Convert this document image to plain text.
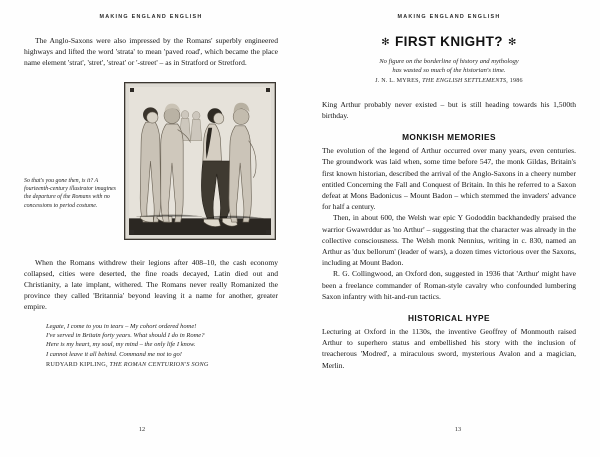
MAKING ENGLAND ENGLISH

The Anglo-Saxons were also impressed by the Romans' superbly engineered highways and lifted the word 'strata' to mean 'paved road', which became the place name element 'strat', 'stret', 'streat' or '-street' – as in Stratford or Stretford.

So that's you gone then, is it? A fourteenth-century illustrator imagines the departure of the Romans with no concessions to period costume.

When the Romans withdrew their legions after 408–10, the cash economy collapsed, cities were deserted, the fine roads decayed, Latin died out and Christianity, a late implant, withered. The Romans never really Romanized the province they called 'Britannia' beyond leaving it a name for another, greater empire.

Legate, I come to you in tears – My cohort ordered home!
I've served in Britain forty years. What should I do in Rome?
Here is my heart, my soul, my mind – the only life I know.
I cannot leave it all behind. Command me not to go!
RUDYARD KIPLING, THE ROMAN CENTURION'S SONG
12
MAKING ENGLAND ENGLISH
✻ FIRST KNIGHT? ✻
No figure on the borderline of history and mythology
has wasted so much of the historian's time.
J. N. L. MYRES, THE ENGLISH SETTLEMENTS, 1986

King Arthur probably never existed – but is still heading towards his 1,500th birthday.

MONKISH MEMORIES

The evolution of the legend of Arthur occurred over many years, even centuries. The groundwork was laid when, some time before 547, the monk Gildas, Britain's first known historian, described the arrival of the Anglo-Saxons in a cheery number entitled Concerning the Fall and Conquest of Britain. In this he referred to a Saxon defeat at Mons Badonicus – Mount Badon – which stemmed the invaders' advance for half a century.

Then, in about 600, the Welsh war epic Y Gododdin backhandedly praised the warrior Gwawrddur as 'no Arthur' – suggesting that the character was already in the collective consciousness. The Welsh monk Nennius, writing in c. 830, named an Arthur as 'dux bellorum' (leader of wars), a dozen times victorious over the Saxons, including at Mount Badon.

R. G. Collingwood, an Oxford don, suggested in 1936 that 'Arthur' might have been a freelance commander of Roman-style cavalry who confounded lumbering Saxon infantry with hit-and-run tactics.

HISTORICAL HYPE

Lecturing at Oxford in the 1130s, the inventive Geoffrey of Monmouth raised Arthur to superhero status and embellished his story with the inclusion of treacherous 'Modred', a miraculous sword, mysterious Avalon and a magician, Merlin.

13
